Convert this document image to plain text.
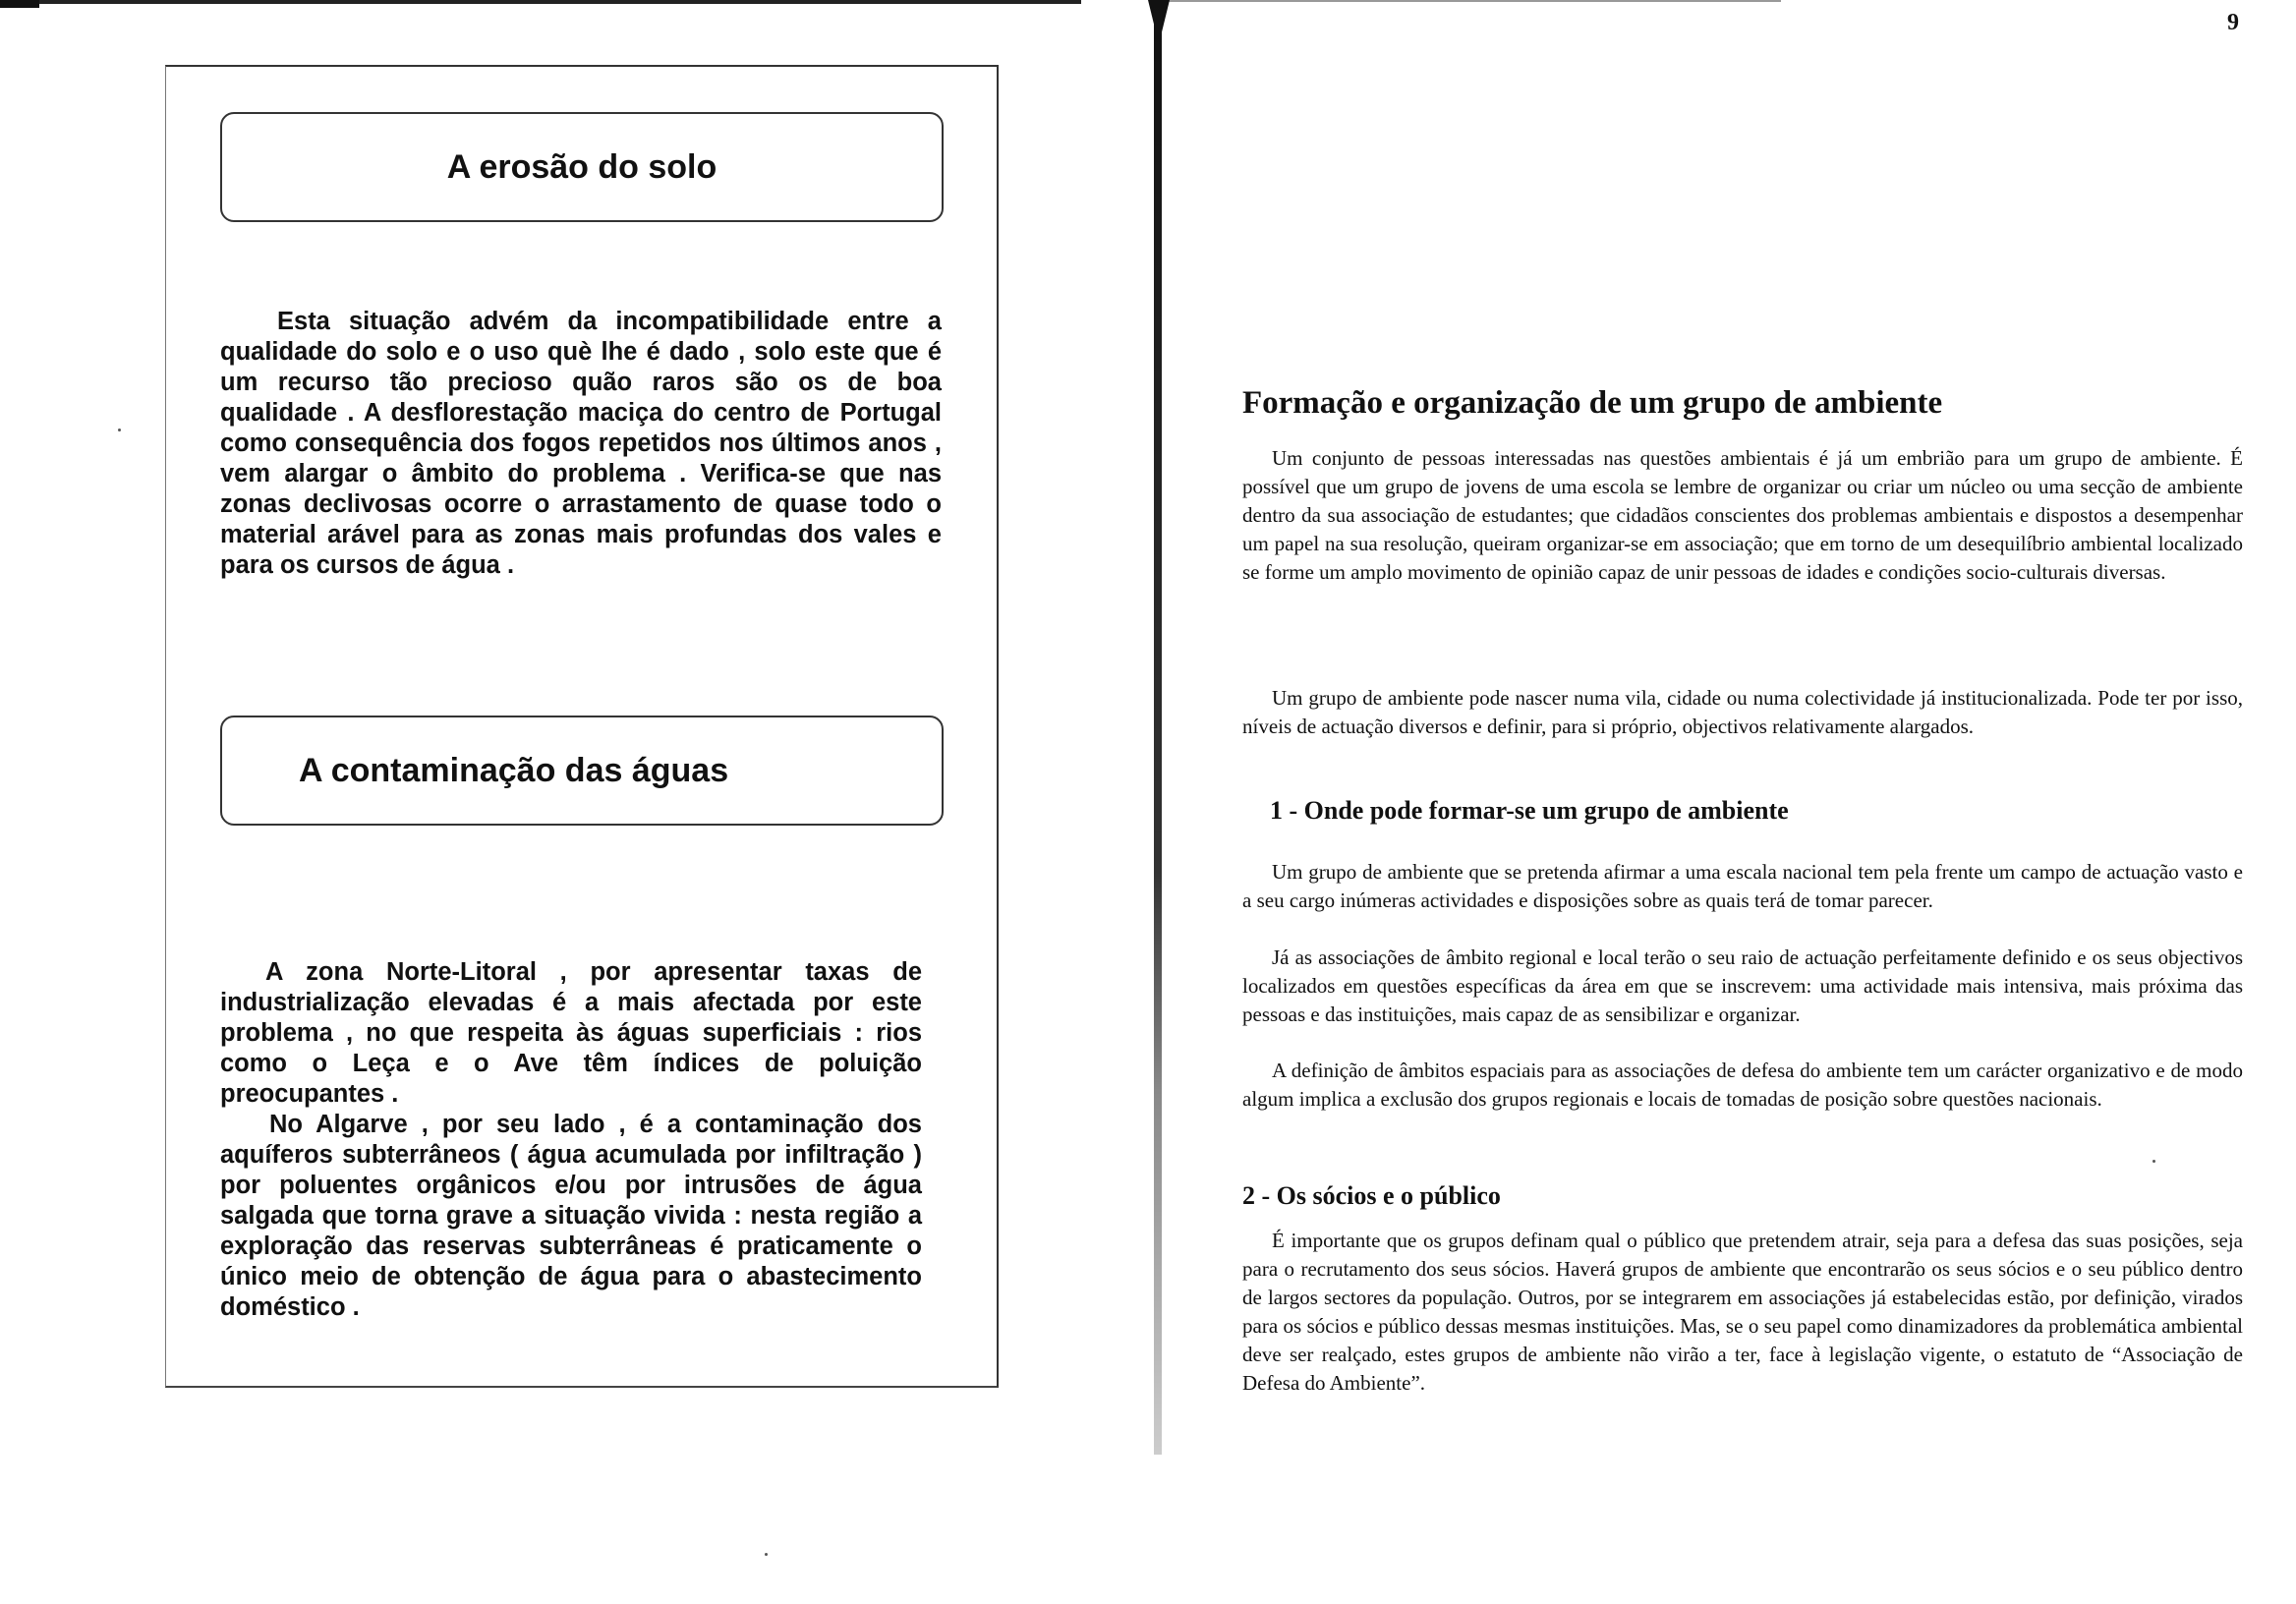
A erosão do solo

Esta situação advém da incompatibilidade entre a qualidade do solo e o uso què lhe é dado , solo este que é um recurso tão precioso quão raros são os de boa qualidade . A desflorestação maciça do centro de Portugal como consequência dos fogos repetidos nos últimos anos , vem alargar o âmbito do problema . Verifica-se que nas zonas declivosas ocorre o arrastamento de quase todo o material arável para as zonas mais profundas dos vales e para os cursos de água .

A contaminação das águas

A zona Norte-Litoral , por apresentar taxas de industrialização elevadas é a mais afectada por este problema , no que respeita às águas superficiais : rios como o Leça e o Ave têm índices de poluição preocupantes .

No Algarve , por seu lado , é a contaminação dos aquíferos subterrâneos ( água acumulada por infiltração ) por poluentes orgânicos e/ou por intrusões de água salgada que torna grave a situação vivida : nesta região a exploração das reservas subterrâneas é praticamente o único meio de obtenção de água para o abastecimento doméstico .

9
Formação e organização de um grupo de ambiente

Um conjunto de pessoas interessadas nas questões ambientais é já um embrião para um grupo de ambiente. É possível que um grupo de jovens de uma escola se lembre de organizar ou criar um núcleo ou uma secção de ambiente dentro da sua associação de estudantes; que cidadãos conscientes dos problemas ambientais e dispostos a desempenhar um papel na sua resolução, queiram organizar-se em associação; que em torno de um desequilíbrio ambiental localizado se forme um amplo movimento de opinião capaz de unir pessoas de idades e condições socio-culturais diversas.

Um grupo de ambiente pode nascer numa vila, cidade ou numa colectividade já institucionalizada. Pode ter por isso, níveis de actuação diversos e definir, para si próprio, objectivos relativamente alargados.

1 - Onde pode formar-se um grupo de ambiente

Um grupo de ambiente que se pretenda afirmar a uma escala nacional tem pela frente um campo de actuação vasto e a seu cargo inúmeras actividades e disposições sobre as quais terá de tomar parecer.

Já as associações de âmbito regional e local terão o seu raio de actuação perfeitamente definido e os seus objectivos localizados em questões específicas da área em que se inscrevem: uma actividade mais intensiva, mais próxima das pessoas e das instituições, mais capaz de as sensibilizar e organizar.

A definição de âmbitos espaciais para as associações de defesa do ambiente tem um carácter organizativo e de modo algum implica a exclusão dos grupos regionais e locais de tomadas de posição sobre questões nacionais.

2 - Os sócios e o público

É importante que os grupos definam qual o público que pretendem atrair, seja para a defesa das suas posições, seja para o recrutamento dos seus sócios. Haverá grupos de ambiente que encontrarão os seus sócios e o seu público dentro de largos sectores da população. Outros, por se integrarem em associações já estabelecidas estão, por definição, virados para os sócios e público dessas mesmas instituições. Mas, se o seu papel como dinamizadores da problemática ambiental deve ser realçado, estes grupos de ambiente não virão a ter, face à legislação vigente, o estatuto de “Associação de Defesa do Ambiente”.
